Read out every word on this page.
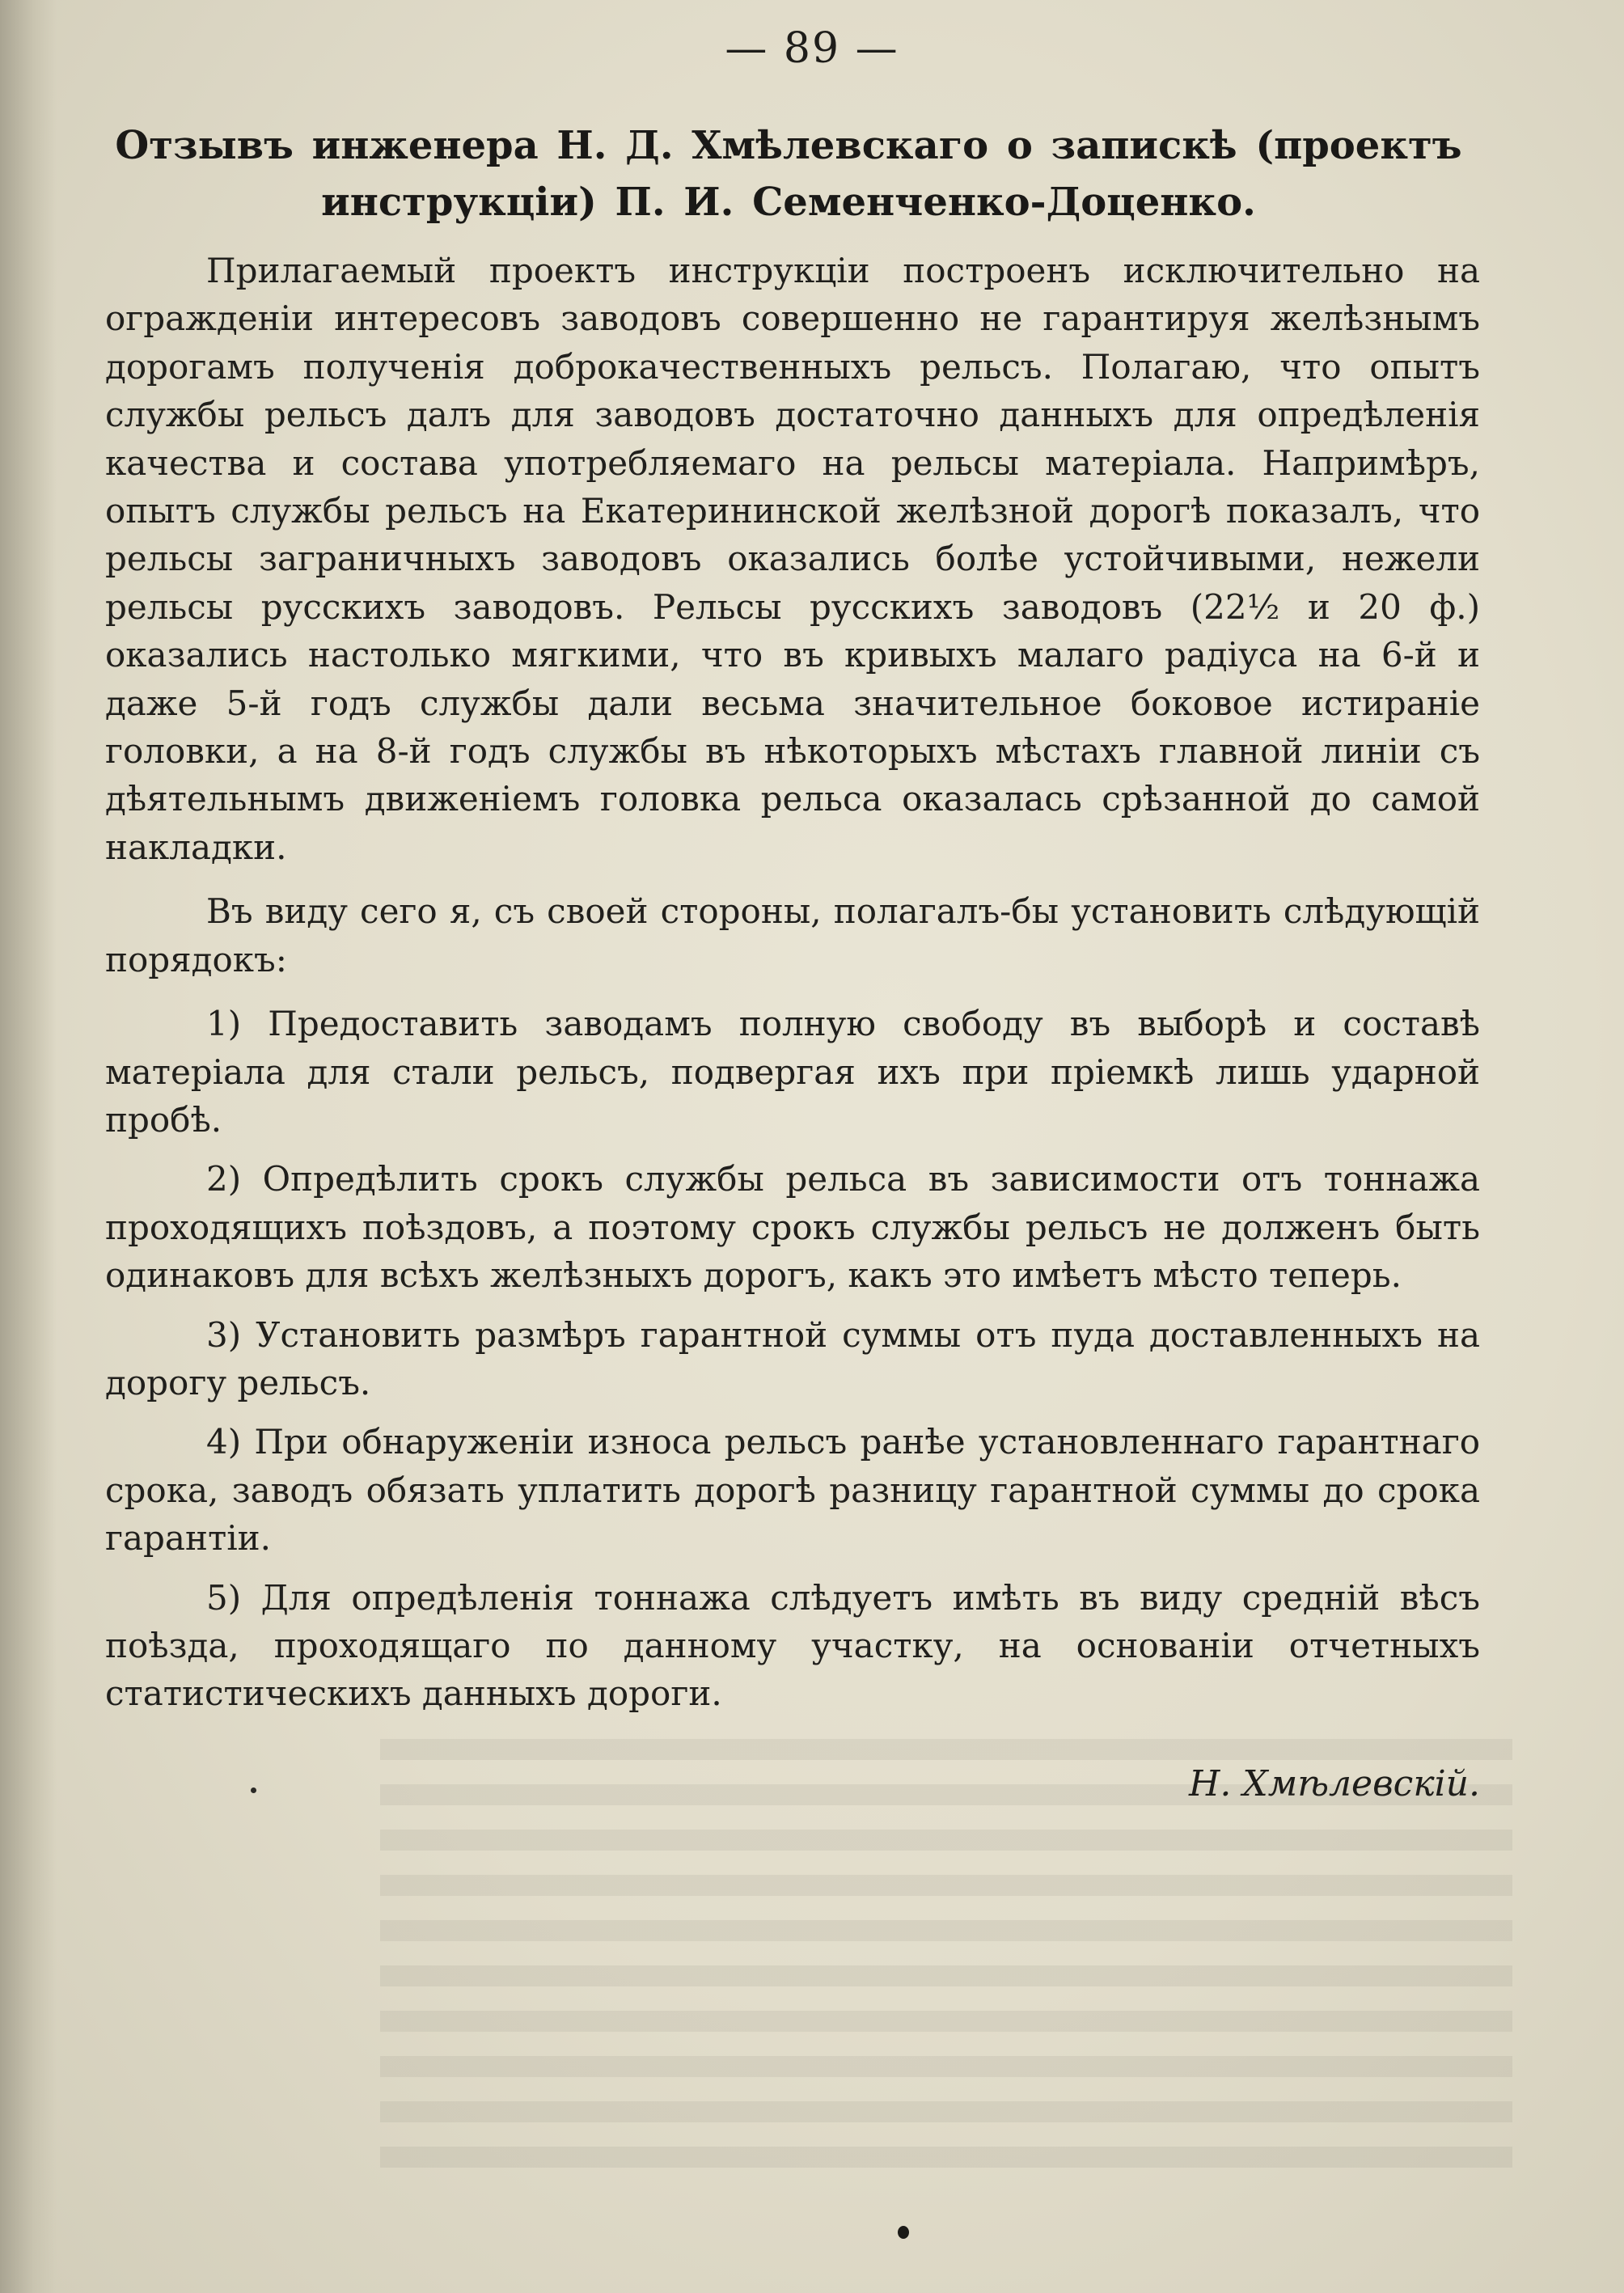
— 89 —
Отзывъ инженера Н. Д. Хмѣлевскаго о запискѣ (проектъ инструкціи) П. И. Семенченко-Доценко.

Прилагаемый проектъ инструкціи построенъ исключительно на огражденіи интересовъ заводовъ совершенно не гарантируя желѣзнымъ дорогамъ полученія доброкачественныхъ рельсъ. Полагаю, что опытъ службы рельсъ далъ для заводовъ достаточно данныхъ для опредѣленія качества и состава употребляемаго на рельсы матеріала. Напримѣръ, опытъ службы рельсъ на Екатерининской желѣзной дорогѣ показалъ, что рельсы заграничныхъ заводовъ оказались болѣе устойчивыми, нежели рельсы русскихъ заводовъ. Рельсы русскихъ заводовъ (22½ и 20 ф.) оказались настолько мягкими, что въ кривыхъ малаго радіуса на 6-й и даже 5-й годъ службы дали весьма значительное боковое истираніе головки, а на 8-й годъ службы въ нѣкоторыхъ мѣстахъ главной линіи съ дѣятельнымъ движеніемъ головка рельса оказалась срѣзанной до самой накладки.

Въ виду сего я, съ своей стороны, полагалъ-бы установить слѣдующій порядокъ:

1) Предоставить заводамъ полную свободу въ выборѣ и составѣ матеріала для стали рельсъ, подвергая ихъ при пріемкѣ лишь ударной пробѣ.

2) Опредѣлить срокъ службы рельса въ зависимости отъ тоннажа проходящихъ поѣздовъ, а поэтому срокъ службы рельсъ не долженъ быть одинаковъ для всѣхъ желѣзныхъ дорогъ, какъ это имѣетъ мѣсто теперь.

3) Установить размѣръ гарантной суммы отъ пуда доставленныхъ на дорогу рельсъ.

4) При обнаруженіи износа рельсъ ранѣе установленнаго гарантнаго срока, заводъ обязать уплатить дорогѣ разницу гарантной суммы до срока гарантіи.

5) Для опредѣленія тоннажа слѣдуетъ имѣть въ виду средній вѣсъ поѣзда, проходящаго по данному участку, на основаніи отчетныхъ статистическихъ данныхъ дороги.

Н. Хмѣлевскій.
